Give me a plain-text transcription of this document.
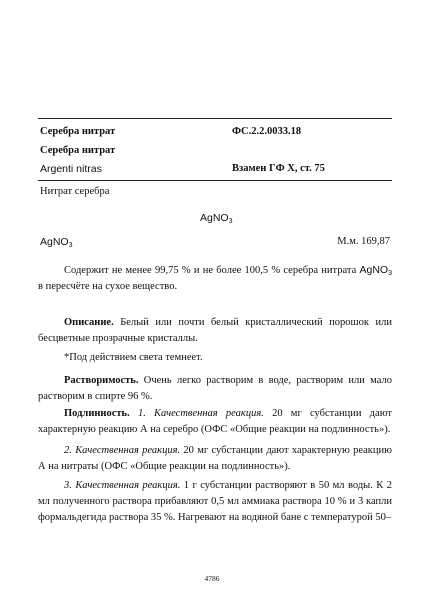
Серебра нитрат	ФС.2.2.0033.18
Серебра нитрат
Argenti nitras	Взамен ГФ X, ст. 75
Нитрат серебра
AgNO$_3$
AgNO$_3$	М.м. 169,87
Содержит не менее 99,75 % и не более 100,5 % серебра нитрата AgNO$_3$ в пересчёте на сухое вещество.
Описание. Белый или почти белый кристаллический порошок или бесцветные прозрачные кристаллы.
*Под действием света темнеет.
Растворимость. Очень легко растворим в воде, растворим или мало растворим в спирте 96 %.
Подлинность. 1. Качественная реакция. 20 мг субстанции дают характерную реакцию А на серебро (ОФС «Общие реакции на подлинность»).
2. Качественная реакция. 20 мг субстанции дают характерную реакцию А на нитраты (ОФС «Общие реакции на подлинность»).
3. Качественная реакция. 1 г субстанции растворяют в 50 мл воды. К 2 мл полученного раствора прибавляют 0,5 мл аммиака раствора 10 % и 3 капли формальдегида раствора 35 %. Нагревают на водяной бане с температурой 50–
4786
